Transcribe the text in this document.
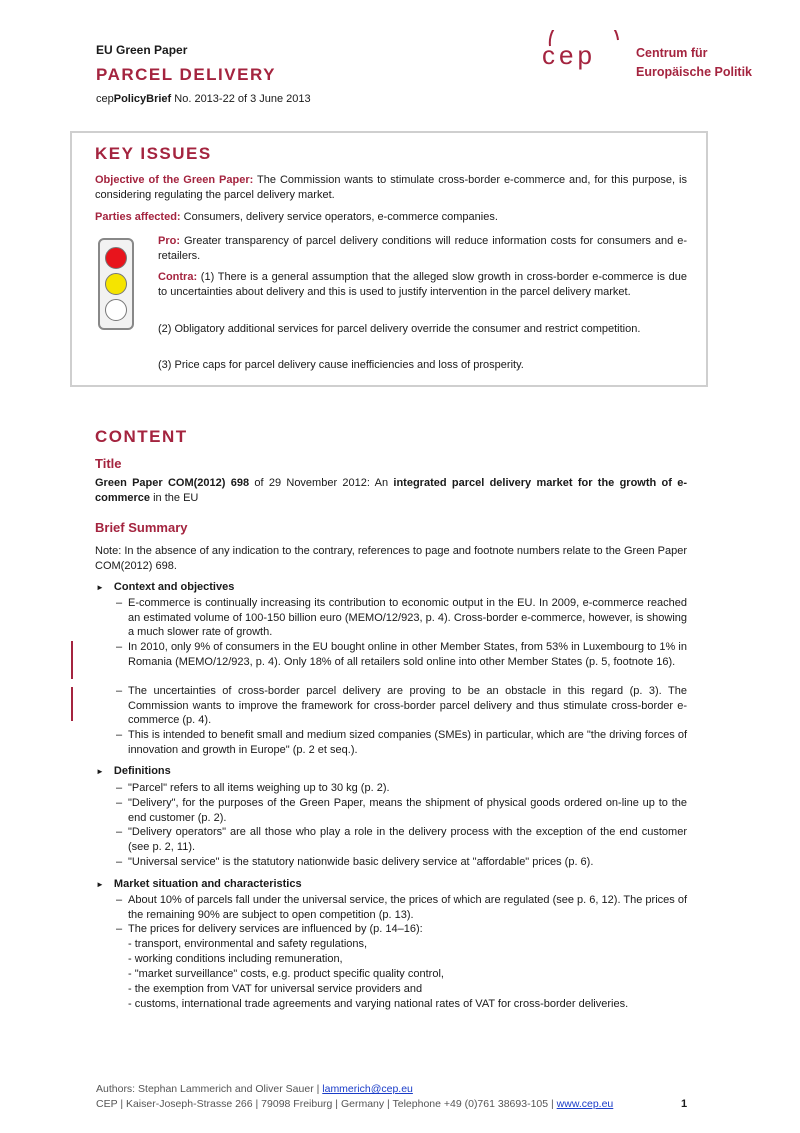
EU Green Paper
PARCEL DELIVERY
cepPolicyBrief No. 2013-22 of 3 June 2013
cep	Centrum für
Europäische Politik
KEY ISSUES
Objective of the Green Paper: The Commission wants to stimulate cross-border e-commerce and, for this purpose, is considering regulating the parcel delivery market.
Parties affected: Consumers, delivery service operators, e-commerce companies.
Pro: Greater transparency of parcel delivery conditions will reduce information costs for consumers and e-retailers.
Contra: (1) There is a general assumption that the alleged slow growth in cross-border e-commerce is due to uncertainties about delivery and this is used to justify intervention in the parcel delivery market.
(2) Obligatory additional services for parcel delivery override the consumer and restrict competition.
(3) Price caps for parcel delivery cause inefficiencies and loss of prosperity.
CONTENT
Title
Green Paper COM(2012) 698 of 29 November 2012: An integrated parcel delivery market for the growth of e-commerce in the EU
Brief Summary
Note: In the absence of any indication to the contrary, references to page and footnote numbers relate to the Green Paper COM(2012) 698.
► Context and objectives
– E-commerce is continually increasing its contribution to economic output in the EU. In 2009, e-commerce reached an estimated volume of 100-150 billion euro (MEMO/12/923, p. 4). Cross-border e-commerce, however, is showing a much slower rate of growth.
– In 2010, only 9% of consumers in the EU bought online in other Member States, from 53% in Luxembourg to 1% in Romania (MEMO/12/923, p. 4). Only 18% of all retailers sold online into other Member States (p. 5, footnote 16).
– The uncertainties of cross-border parcel delivery are proving to be an obstacle in this regard (p. 3). The Commission wants to improve the framework for cross-border parcel delivery and thus stimulate cross-border e-commerce (p. 4).
– This is intended to benefit small and medium sized companies (SMEs) in particular, which are "the driving forces of innovation and growth in Europe" (p. 2 et seq.).
► Definitions
– "Parcel" refers to all items weighing up to 30 kg (p. 2).
– "Delivery", for the purposes of the Green Paper, means the shipment of physical goods ordered on-line up to the end customer (p. 2).
– "Delivery operators" are all those who play a role in the delivery process with the exception of the end customer (see p. 2, 11).
– "Universal service" is the statutory nationwide basic delivery service at "affordable" prices (p. 6).
► Market situation and characteristics
– About 10% of parcels fall under the universal service, the prices of which are regulated (see p. 6, 12). The prices of the remaining 90% are subject to open competition (p. 13).
– The prices for delivery services are influenced by (p. 14–16):
- transport, environmental and safety regulations,
- working conditions including remuneration,
- "market surveillance" costs, e.g. product specific quality control,
- the exemption from VAT for universal service providers and
- customs, international trade agreements and varying national rates of VAT for cross-border deliveries.
Authors: Stephan Lammerich and Oliver Sauer | lammerich@cep.eu
CEP | Kaiser-Joseph-Strasse 266 | 79098 Freiburg | Germany | Telephone +49 (0)761 38693-105 | www.cep.eu	1
